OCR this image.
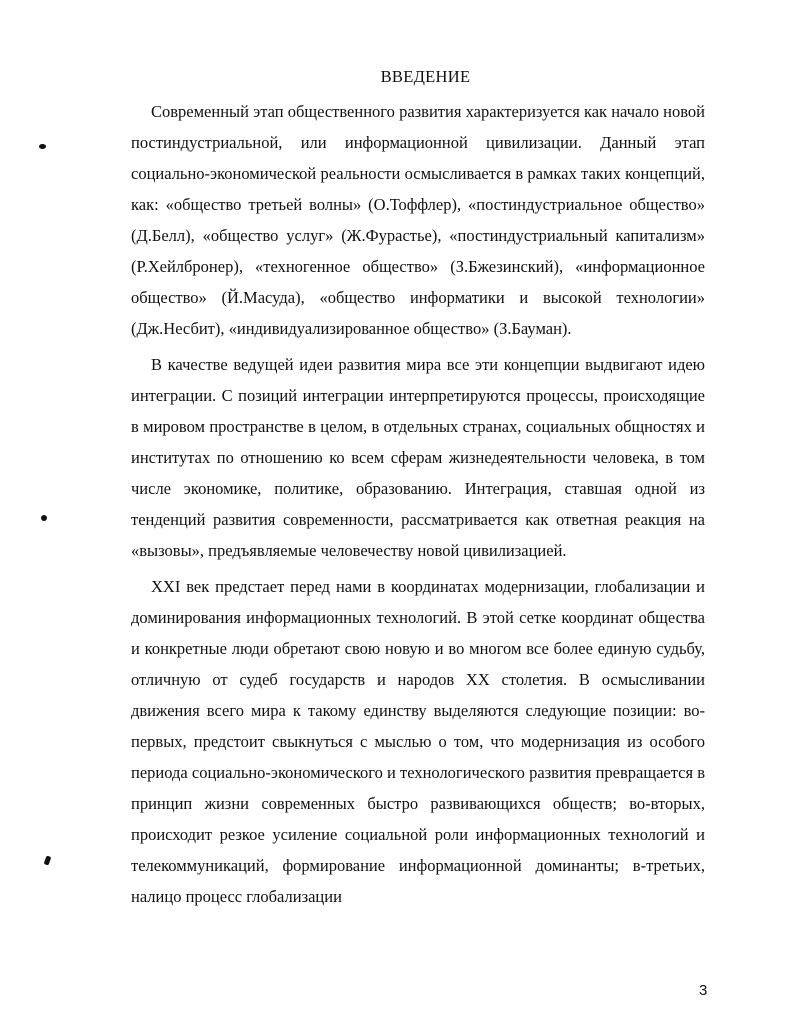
ВВЕДЕНИЕ

Современный этап общественного развития характеризуется как начало новой постиндустриальной, или информационной цивилизации. Данный этап социально-экономической реальности осмысливается в рамках таких концепций, как: «общество третьей волны» (О.Тоффлер), «постиндустриальное общество» (Д.Белл), «общество услуг» (Ж.Фурастье), «постиндустриальный капитализм» (Р.Хейлбронер), «техногенное общество» (З.Бжезинский), «информационное общество» (Й.Масуда), «общество информатики и высокой технологии» (Дж.Несбит), «индивидуализированное общество» (З.Бауман).

В качестве ведущей идеи развития мира все эти концепции выдвигают идею интеграции. С позиций интеграции интерпретируются процессы, происходящие в мировом пространстве в целом, в отдельных странах, социальных общностях и институтах по отношению ко всем сферам жизнедеятельности человека, в том числе экономике, политике, образованию. Интеграция, ставшая одной из тенденций развития современности, рассматривается как ответная реакция на «вызовы», предъявляемые человечеству новой цивилизацией.

XXI век предстает перед нами в координатах модернизации, глобализации и доминирования информационных технологий. В этой сетке координат общества и конкретные люди обретают свою новую и во многом все более единую судьбу, отличную от судеб государств и народов XX столетия. В осмысливании движения всего мира к такому единству выделяются следующие позиции: во-первых, предстоит свыкнуться с мыслью о том, что модернизация из особого периода социально-экономического и технологического развития превращается в принцип жизни современных быстро развивающихся обществ; во-вторых, происходит резкое усиление социальной роли информационных технологий и телекоммуникаций, формирование информационной доминанты; в-третьих, налицо процесс глобализации

3
